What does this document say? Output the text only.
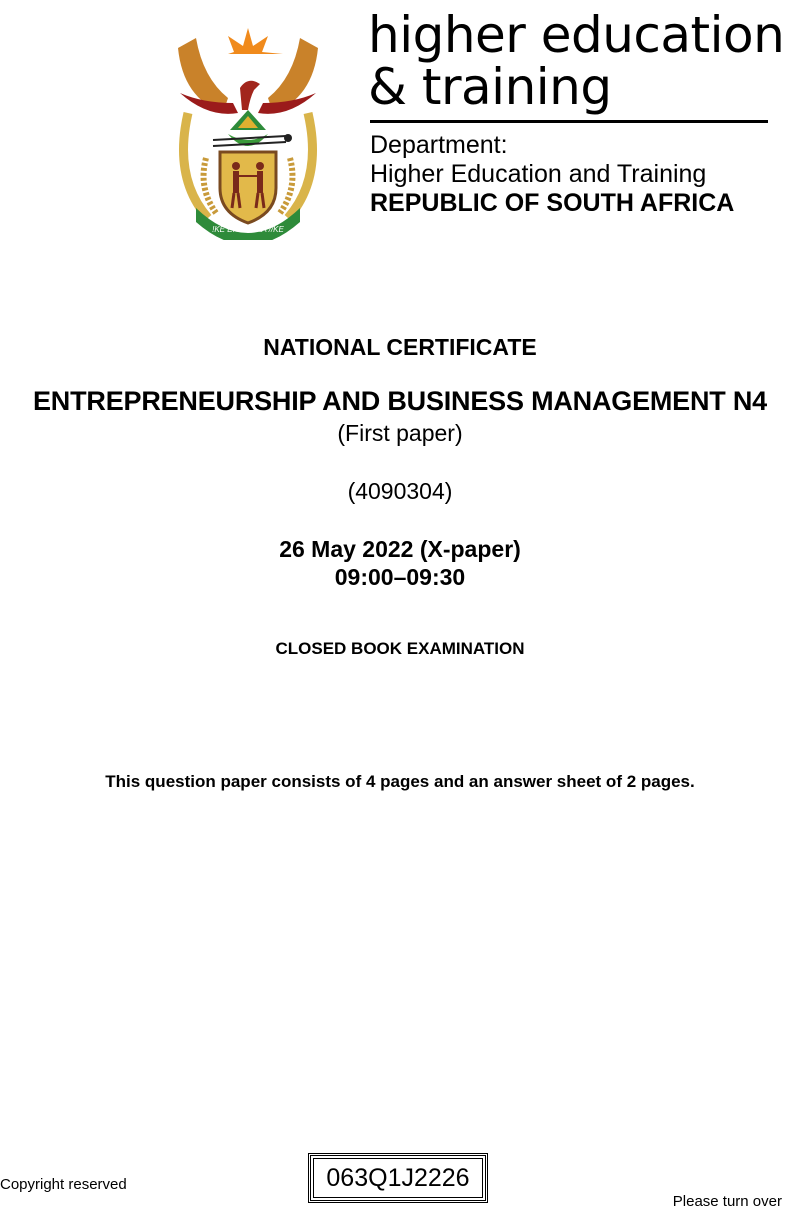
!KE E: /XARRA //KE
higher education
& training
Department:
Higher Education and Training
REPUBLIC OF SOUTH AFRICA
NATIONAL CERTIFICATE
ENTREPRENEURSHIP AND BUSINESS MANAGEMENT N4
(First paper)
(4090304)
26 May 2022 (X-paper)
09:00–09:30
CLOSED BOOK EXAMINATION
This question paper consists of 4 pages and an answer sheet of 2 pages.
Copyright reserved	063Q1J2226
Please turn over
